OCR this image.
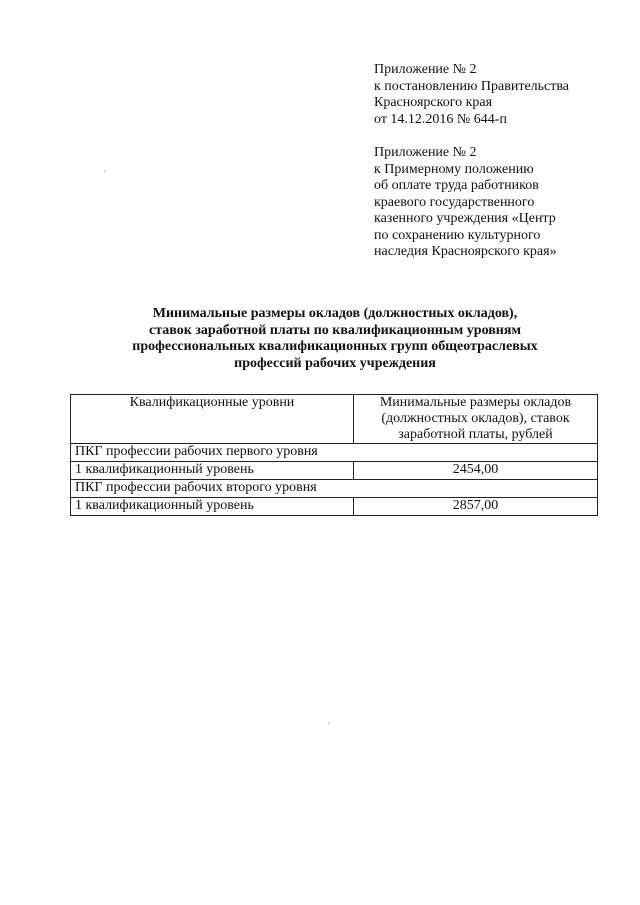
Приложение № 2
к постановлению Правительства
Красноярского края
от 14.12.2016 № 644-п
Приложение № 2
к Примерному положению
об оплате труда работников
краевого государственного
казенного учреждения «Центр
по сохранению культурного
наследия Красноярского края»
Минимальные размеры окладов (должностных окладов),
ставок заработной платы по квалификационным уровням
профессиональных квалификационных групп общеотраслевых
профессий рабочих учреждения
Квалификационные уровни	Минимальные размеры окладов (должностных окладов), ставок заработной платы, рублей
ПКГ профессии рабочих первого уровня	
1 квалификационный уровень	2454,00
ПКГ профессии рабочих второго уровня	
1 квалификационный уровень	2857,00
